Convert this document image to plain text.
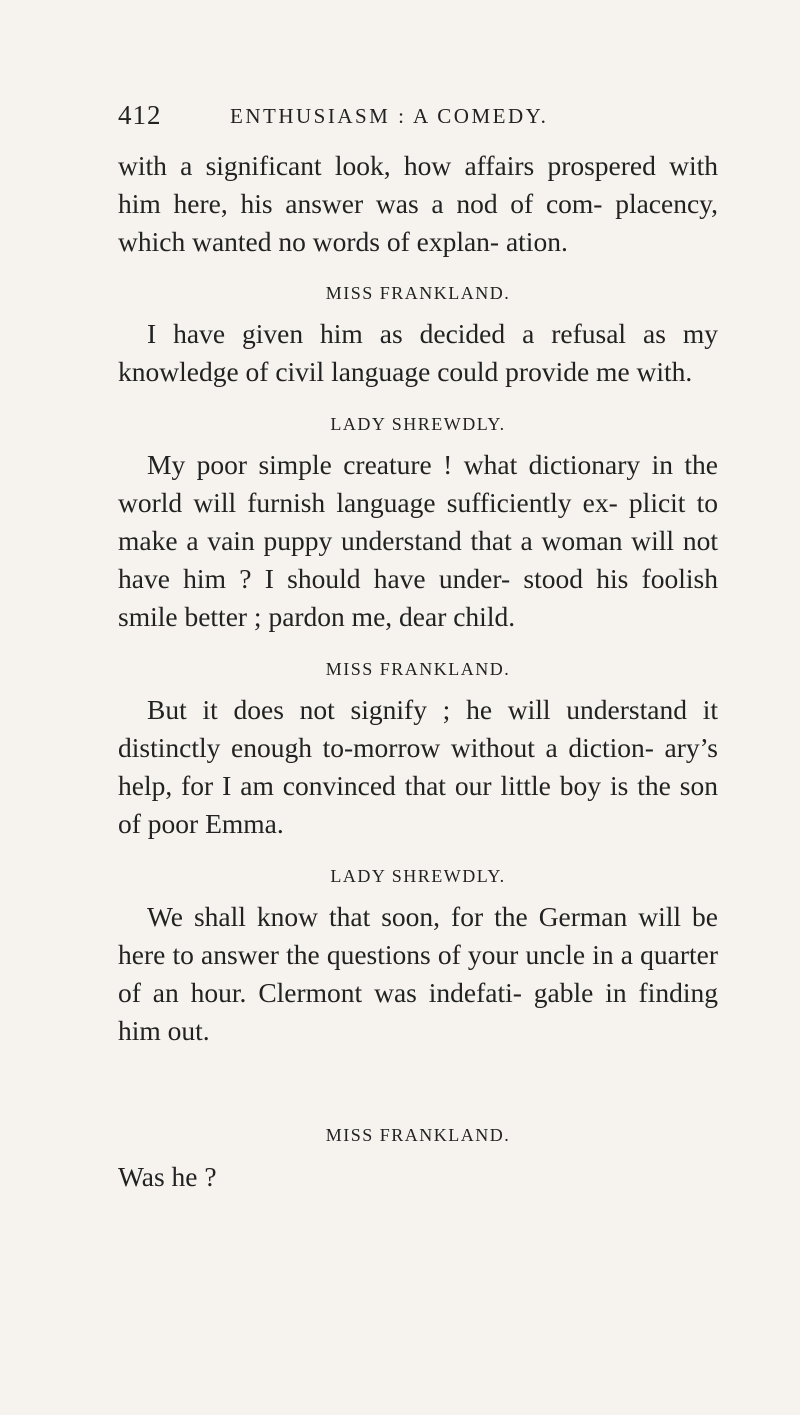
412	ENTHUSIASM : A COMEDY.

with a significant look, how affairs prospered with him here, his answer was a nod of com- placency, which wanted no words of explan- ation.

MISS FRANKLAND.

I have given him as decided a refusal as my knowledge of civil language could provide me with.

LADY SHREWDLY.

My poor simple creature ! what dictionary in the world will furnish language sufficiently ex- plicit to make a vain puppy understand that a woman will not have him ? I should have under- stood his foolish smile better ; pardon me, dear child.

MISS FRANKLAND.

But it does not signify ; he will understand it distinctly enough to-morrow without a diction- ary’s help, for I am convinced that our little boy is the son of poor Emma.

LADY SHREWDLY.

We shall know that soon, for the German will be here to answer the questions of your uncle in a quarter of an hour. Clermont was indefati- gable in finding him out.

MISS FRANKLAND.
Was he ?
